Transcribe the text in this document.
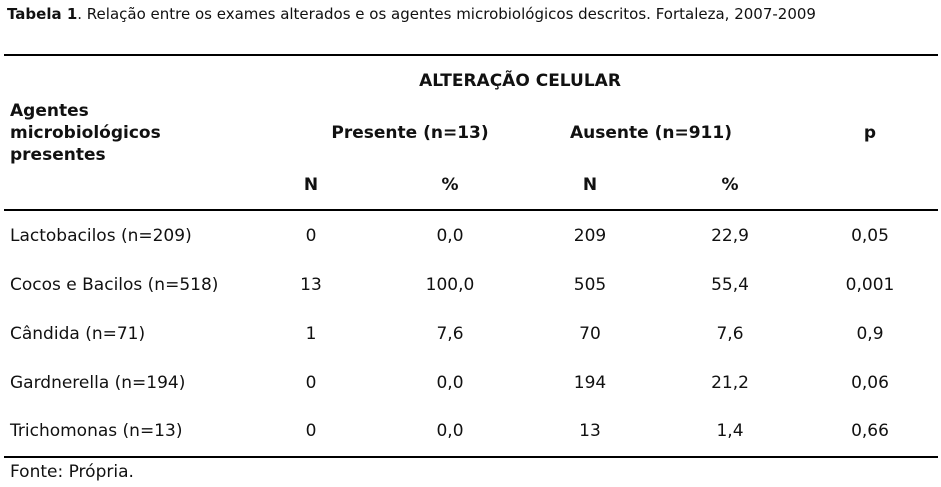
Tabela 1. Relação entre os exames alterados e os agentes microbiológicos descritos. Fortaleza, 2007-2009
Agentes
microbiológicos
presentes
ALTERAÇÃO CELULAR
Presente (n=13)	Ausente (n=911)	p
N	%	N	%
Lactobacilos (n=209)	0	0,0	209	22,9	0,05
Cocos e Bacilos (n=518)	13	100,0	505	55,4	0,001
Cândida (n=71)	1	7,6	70	7,6	0,9
Gardnerella (n=194)	0	0,0	194	21,2	0,06
Trichomonas (n=13)	0	0,0	13	1,4	0,66
Fonte: Própria.
